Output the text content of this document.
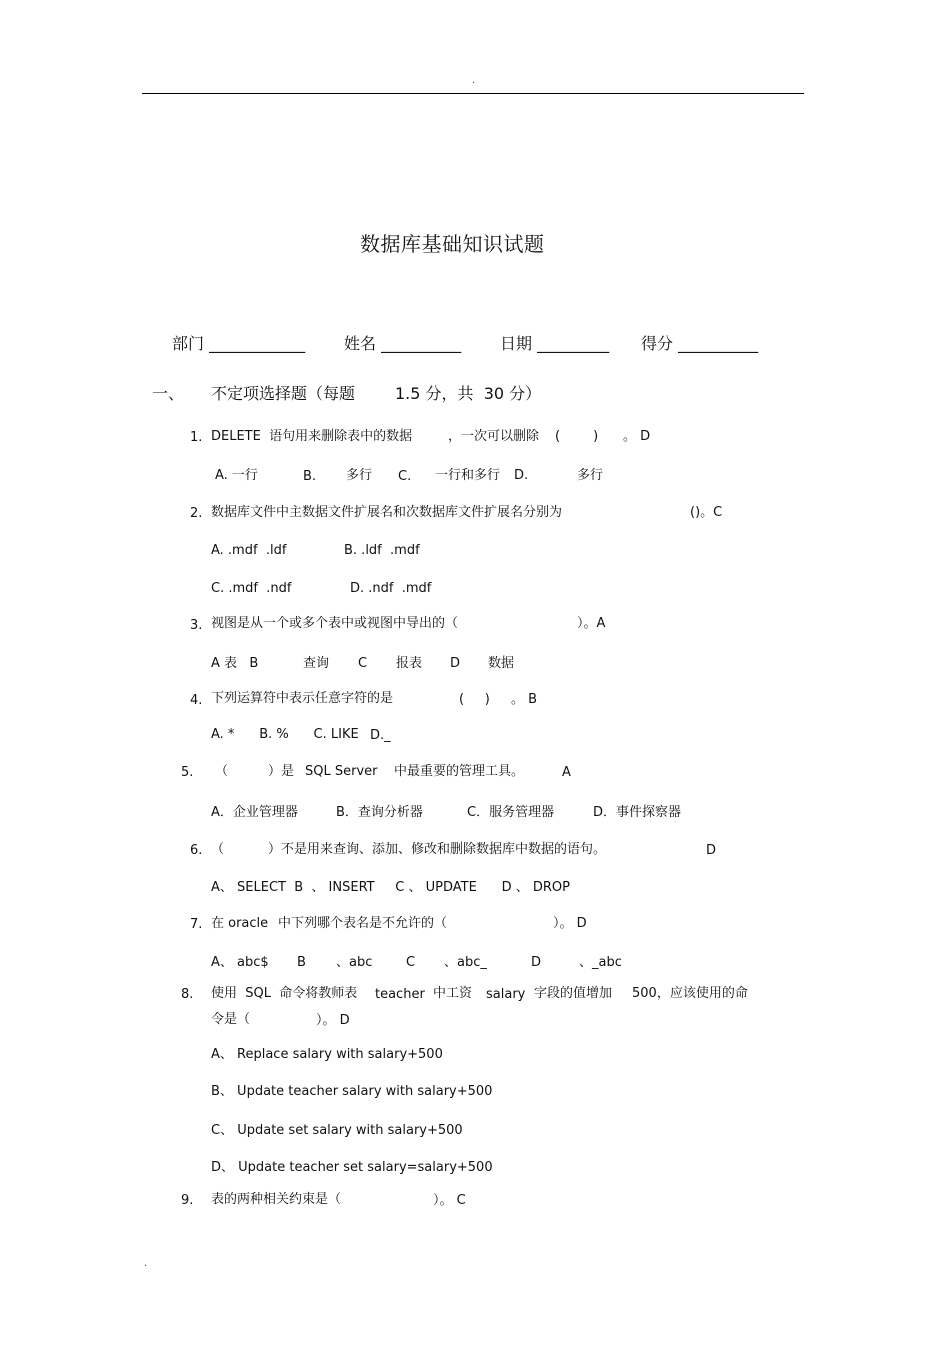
.
数据库基础知识试题
部门 ____________ 姓名 __________ 日期 _________ 得分 __________
一、 不定项选择题（每题 1.5 分，共  30 分）
1. DELETE  语句用来删除表中的数据	，一次可以删除 (        ) 。 D
A. 一行	B. 多行 C. 一行和多行 D.	多行
2. 数据库文件中主数据文件扩展名和次数据库文件扩展名分别为	()。C
A. .mdf  .ldf	B. .ldf  .mdf
C. .mdf  .ndf	D. .ndf  .mdf
3. 视图是从一个或多个表中或视图中导出的（	）。A
A 表   B	查询 C 报表 D 数据
4. 下列运算符中表示任意字符的是	(     ) 。 B
A. *      B. %      C. LIKE D._
5. （	）是 SQL Server 中最重要的管理工具。	A
A．企业管理器	B．查询分析器	C．服务管理器	D．事件探察器
6. （	）不是用来查询、添加、修改和删除数据库中数据的语句。	D
A、 SELECT  B  、 INSERT     C 、 UPDATE      D 、 DROP
7. 在 oracle 中下列哪个表名是不允许的（	）。 D
A、 abc$ B 、abc	C 、abc_	D	、_abc
8. 使用  SQL  命令将教师表 teacher 中工资 salary 字段的值增加 500，应该使用的命
令是（	）。 D
A、 Replace salary with salary+500
B、 Update teacher salary with salary+500
C、 Update set salary with salary+500
D、 Update teacher set salary=salary+500
9. 表的两种相关约束是（	）。 C
.
